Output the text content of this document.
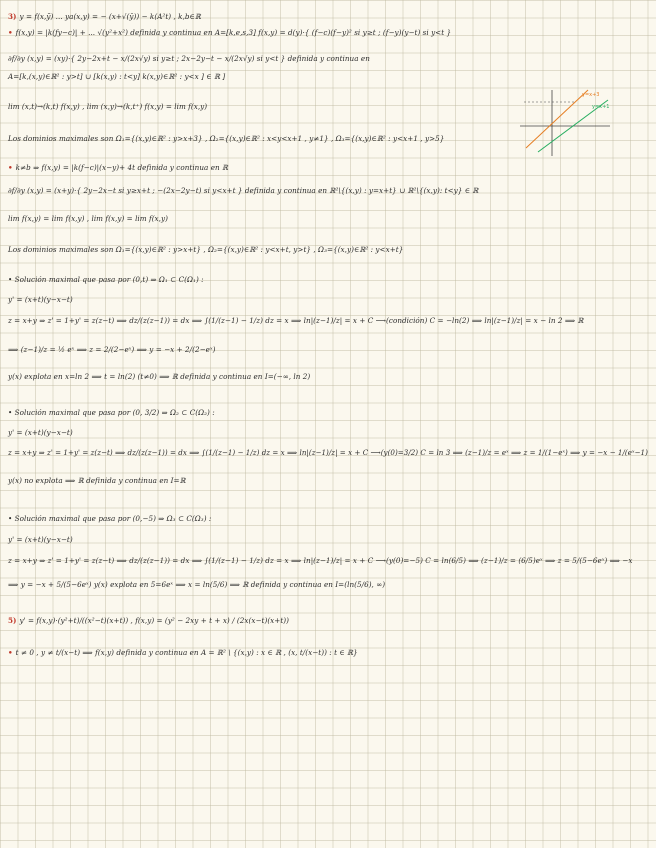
3) y = f(x,ỹ) ... ya(x,y) = − (x+√(ȳ)) − k(A²t) , k,b∈ℝ
• f(x,y) = |k(ƒy−c)| + ... √(y²+x²) definida y continua en A=[k,e,s,3] f(x,y) = d(y)·{ (f−c)(f−y)² si y≥t ; (f−y)(y−t) si y<t }
∂f/∂y (x,y) = (xy)·{ 2y−2x+t − x/(2x√y) si y≥t ; 2x−2y−t − x/(2x√y) si y<t } definida y continua en
A=[k,(x,y)∈ℝ² : y>t] ∪ [k(x,y) : t<y] k(x,y)∈ℝ² : y<x ] ∈ ℝ ]
lim (x,t)→(k,t) f(x,y) , lim (x,y)→(k,t⁺) f(x,y) = lim f(x,y)
Los dominios maximales son Ω₁={(x,y)∈ℝ² : y>x+3} , Ω₂={(x,y)∈ℝ² : x<y<x+1 , y≠1} , Ω₃={(x,y)∈ℝ² : y<x+1 , y>5}
• k≠b ⇒ f(x,y) = |k(ƒ−c)|(x−y)+ 4t definida y continua en ℝ
∂f/∂y (x,y) = (x+y)·{ 2y−2x−t si y≥x+t ; −(2x−2y−t) si y<x+t } definida y continua en ℝ²\{(x,y) : y=x+t} ∪ ℝ²\{(x,y): t<y} ∈ ℝ
lim f(x,y) = lim f(x,y) , lim f(x,y) = lim f(x,y)
Los dominios maximales son Ω₁={(x,y)∈ℝ² : y>x+t} , Ω₂={(x,y)∈ℝ² : y<x+t, y>t} , Ω₃={(x,y)∈ℝ² : y<x+t}
• Solución maximal que pasa por (0,t) ⇒ Ω₁ ⊂ C(Ω₁) :
y' = (x+t)(y−x−t)
z = x+y ⇒ z' = 1+y' = z(z−t) ⟹ dz/(z(z−1)) = dx ⟹ ∫(1/(z−1) − 1/z) dz = x ⟹ ln|(z−1)/z| = x + C ⟶(condición) C = −ln(2) ⟹ ln|(z−1)/z| = x − ln 2 ⟹ ℝ
⟹ (z−1)/z = ½ eˣ ⟹ z = 2/(2−eˣ) ⟹ y = −x + 2/(2−eˣ)
y(x) explota en x=ln 2 ⟹ t = ln(2) (t≠0) ⟹ ℝ definida y continua en I=(−∞, ln 2)
• Solución maximal que pasa por (0, 3/2) ⇒ Ω₂ ⊂ C(Ω₂) :
y' = (x+t)(y−x−t)
z = x+y ⇒ z' = 1+y' = z(z−t) ⟹ dz/(z(z−1)) = dx ⟹ ∫(1/(z−1) − 1/z) dz = x ⟹ ln|(z−1)/z| = x + C ⟶(y(0)=3/2) C = ln 3 ⟹ (z−1)/z = eˣ ⟹ z = 1/(1−eˣ) ⟹ y = −x − 1/(eˣ−1)
y(x) no explota ⟹ ℝ definida y continua en I=ℝ
• Solución maximal que pasa por (0,−5) ⇒ Ω₃ ⊂ C(Ω₃) :
y' = (x+t)(y−x−t)
z = x+y ⇒ z' = 1+y' = z(z−t) ⟹ dz/(z(z−1)) = dx ⟹ ∫(1/(z−1) − 1/z) dz = x ⟹ ln|(z−1)/z| = x + C ⟶(y(0)=−5) C = ln(6/5) ⟹ (z−1)/z = (6/5)eˣ ⟹ z = 5/(5−6eˣ) ⟹ −x
⟹ y = −x + 5/(5−6eˣ) y(x) explota en 5=6eˣ ⟹ x = ln(5/6) ⟹ ℝ definida y continua en I=(ln(5/6), ∞)
5) y' = f(x,y)·(y²+t)/((x²−t)(x+t)) , f(x,y) = (y² − 2xy + t + x) / (2x(x−t)(x+t))
• t ≠ 0 , y ≠ t/(x−t) ⟹ f(x,y) definida y continua en A = ℝ² \ {(x,y) : x ∈ ℝ , (x, t/(x−t)) : t ∈ ℝ}
y=x+3
y=x+1
